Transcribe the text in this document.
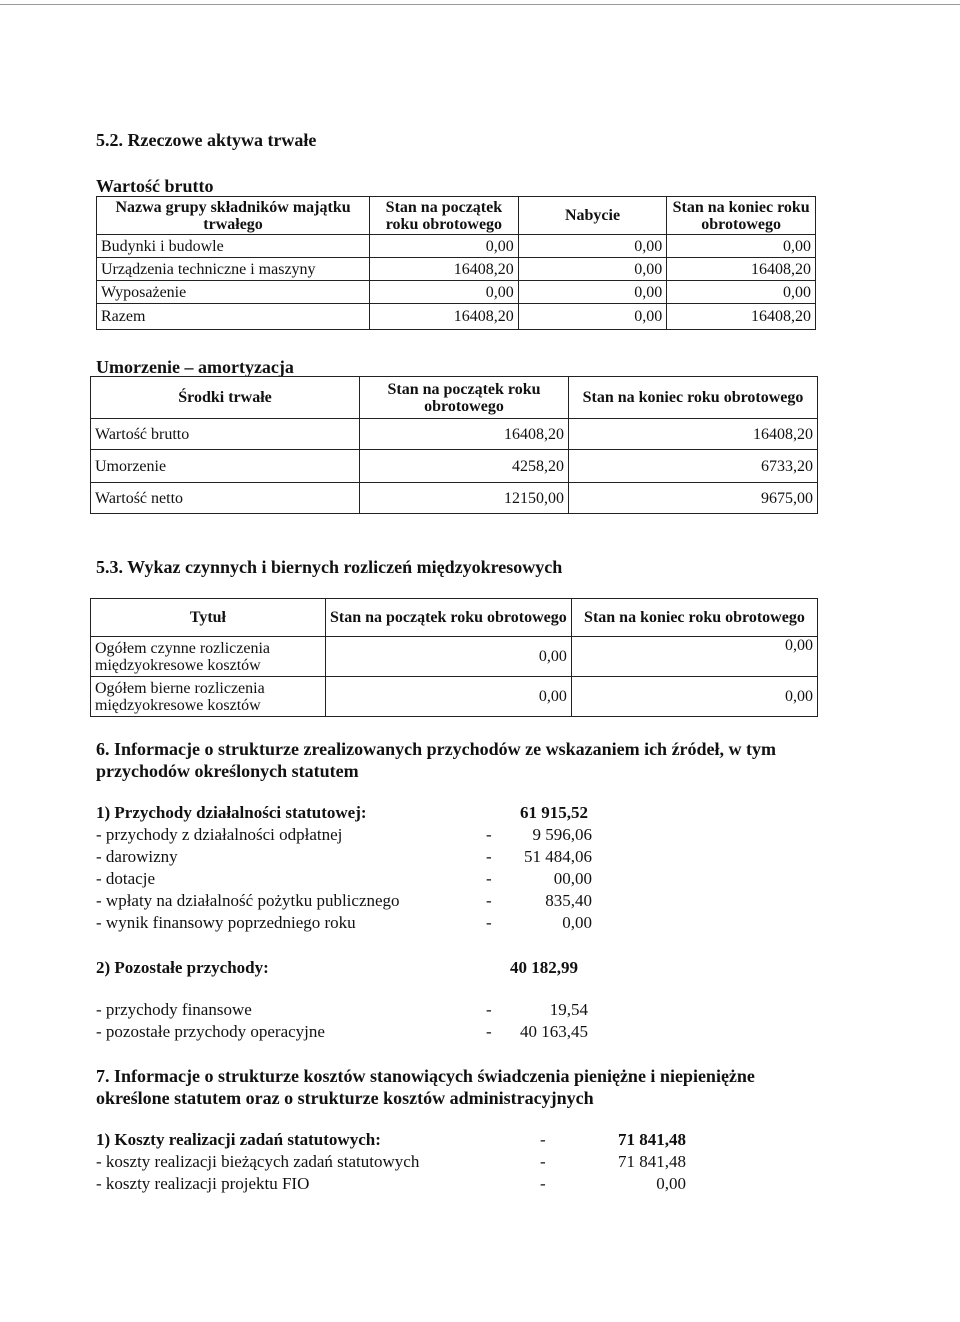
5.2. Rzeczowe aktywa trwałe
Wartość brutto
Nazwa grupy składników majątku trwałego	Stan na początek roku obrotowego	Nabycie	Stan na koniec roku obrotowego
Budynki i budowle	0,00	0,00	0,00
Urządzenia techniczne i maszyny	16408,20	0,00	16408,20
Wyposażenie	0,00	0,00	0,00
Razem	16408,20	0,00	16408,20
Umorzenie – amortyzacja
Środki trwałe	Stan na początek roku obrotowego	Stan na koniec roku obrotowego
Wartość brutto	16408,20	16408,20
Umorzenie	4258,20	6733,20
Wartość netto	12150,00	9675,00
5.3. Wykaz czynnych i biernych rozliczeń międzyokresowych
Tytuł	Stan na początek roku obrotowego	Stan na koniec roku obrotowego
Ogółem czynne rozliczenia międzyokresowe kosztów	0,00	0,00
Ogółem bierne rozliczenia międzyokresowe kosztów	0,00	0,00
6. Informacje o strukturze zrealizowanych przychodów ze wskazaniem ich źródeł, w tym przychodów określonych statutem
1) Przychody działalności statutowej:	61 915,52
- przychody z działalności odpłatnej	-	9 596,06
- darowizny	-	51 484,06
- dotacje	-	00,00
- wpłaty na działalność pożytku publicznego	-	835,40
- wynik finansowy poprzedniego roku	-	0,00
2) Pozostałe przychody:	40 182,99
- przychody finansowe	-	19,54
- pozostałe przychody operacyjne	-	40 163,45
7. Informacje o strukturze kosztów stanowiących świadczenia pieniężne i niepieniężne określone statutem oraz o strukturze kosztów administracyjnych
1) Koszty realizacji zadań statutowych:	-	71 841,48
- koszty realizacji bieżących zadań statutowych	-	71 841,48
- koszty realizacji projektu FIO	-	0,00
